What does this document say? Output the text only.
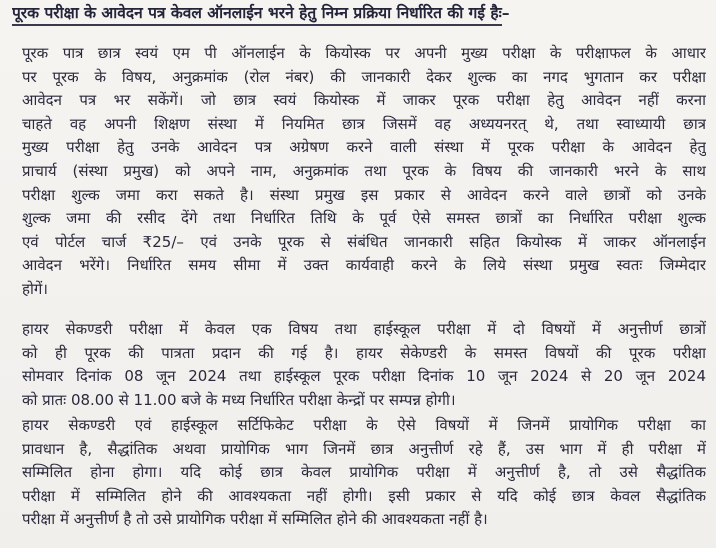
पूरक परीक्षा के आवेदन पत्र केवल ऑनलाईन भरने हेतु निम्न प्रक्रिया निर्धारित की गई हैः–
पूरक पात्र छात्र स्वयं एम पी ऑनलाईन के कियोस्क पर अपनी मुख्य परीक्षा के परीक्षाफल के आधार
पर पूरक के विषय, अनुक्रमांक (रोल नंबर) की जानकारी देकर शुल्क का नगद भुगतान कर परीक्षा
आवेदन पत्र भर सकेंगें। जो छात्र स्वयं कियोस्क में जाकर पूरक परीक्षा हेतु आवेदन नहीं करना
चाहते वह अपनी शिक्षण संस्था में नियमित छात्र जिसमें वह अध्ययनरत् थे, तथा स्वाध्यायी छात्र
मुख्य परीक्षा हेतु उनके आवेदन पत्र अग्रेषण करने वाली संस्था में पूरक परीक्षा के आवेदन हेतु
प्राचार्य (संस्था प्रमुख) को अपने नाम, अनुक्रमांक तथा पूरक के विषय की जानकारी भरने के साथ
परीक्षा शुल्क जमा करा सकते है। संस्था प्रमुख इस प्रकार से आवेदन करने वाले छात्रों को उनके
शुल्क जमा की रसीद देंगे तथा निर्धारित तिथि के पूर्व ऐसे समस्त छात्रों का निर्धारित परीक्षा शुल्क
एवं पोर्टल चार्ज ₹25/– एवं उनके पूरक से संबंधित जानकारी सहित कियोस्क में जाकर ऑनलाईन
आवेदन भरेंगे। निर्धारित समय सीमा में उक्त कार्यवाही करने के लिये संस्था प्रमुख स्वतः जिम्मेदार
होगें।
हायर सेकण्डरी परीक्षा में केवल एक विषय तथा हाईस्कूल परीक्षा में दो विषयों में अनुत्तीर्ण छात्रों
को ही पूरक की पात्रता प्रदान की गई है। हायर सेकेण्डरी के समस्त विषयों की पूरक परीक्षा
सोमवार दिनांक 08 जून 2024 तथा हाईस्कूल पूरक परीक्षा दिनांक 10 जून 2024 से 20 जून 2024
को प्रातः 08.00 से 11.00 बजे के मध्य निर्धारित परीक्षा केन्द्रों पर सम्पन्न होगी।
हायर सेकण्डरी एवं हाईस्कूल सर्टिफिकेट परीक्षा के ऐसे विषयों में जिनमें प्रायोगिक परीक्षा का
प्रावधान है, सैद्धांतिक अथवा प्रायोगिक भाग जिनमें छात्र अनुत्तीर्ण रहे हैं, उस भाग में ही परीक्षा में
सम्मिलित होना होगा। यदि कोई छात्र केवल प्रायोगिक परीक्षा में अनुत्तीर्ण है, तो उसे सैद्धांतिक
परीक्षा में सम्मिलित होने की आवश्यकता नहीं होगी। इसी प्रकार से यदि कोई छात्र केवल सैद्धांतिक
परीक्षा में अनुत्तीर्ण है तो उसे प्रायोगिक परीक्षा में सम्मिलित होने की आवश्यकता नहीं है।
